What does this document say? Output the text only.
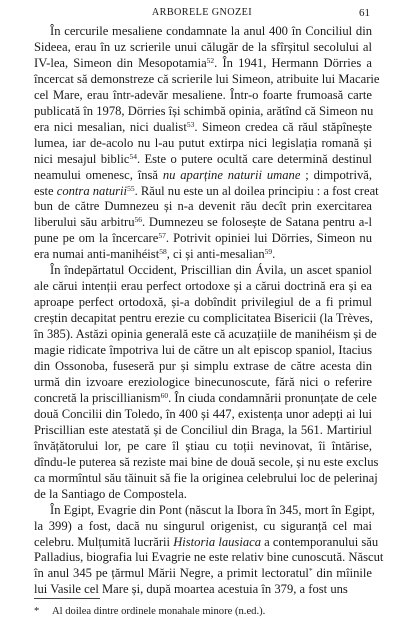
ARBORELE GNOZEI	61

În cercurile mesaliene condamnate la anul 400 în Conciliul din
Sideea, erau în uz scrierile unui călugăr de la sfîrșitul secolului al
IV-lea, Simeon din Mesopotamia$^{52}$. În 1941, Hermann Dörries a
încercat să demonstreze că scrierile lui Simeon, atribuite lui Macarie
cel Mare, erau într-adevăr mesaliene. Într-o foarte frumoasă carte
publicată în 1978, Dörries își schimbă opinia, arătînd că Simeon nu
era nici mesalian, nici dualist$^{53}$. Simeon credea că răul stăpînește
lumea, iar de-acolo nu l-au putut extirpa nici legislația romană și
nici mesajul biblic$^{54}$. Este o putere ocultă care determină destinul
neamului omenesc, însă nu aparține naturii umane ; dimpotrivă,
este contra naturii$^{55}$. Răul nu este un al doilea principiu : a fost creat
bun de către Dumnezeu și n-a devenit rău decît prin exercitarea
liberului său arbitru$^{56}$. Dumnezeu se folosește de Satana pentru a-l
pune pe om la încercare$^{57}$. Potrivit opiniei lui Dörries, Simeon nu
era numai anti-manihéist$^{58}$, ci și anti-mesalian$^{59}$.

În îndepărtatul Occident, Priscillian din Ávila, un ascet spaniol
ale cărui intenții erau perfect ortodoxe și a cărui doctrină era și ea
aproape perfect ortodoxă, și-a dobîndit privilegiul de a fi primul
creștin decapitat pentru erezie cu complicitatea Bisericii (la Trèves,
în 385). Astăzi opinia generală este că acuzațiile de manihéism și de
magie ridicate împotriva lui de către un alt episcop spaniol, Itacius
din Ossonoba, fuseseră pur și simplu extrase de către acesta din
urmă din izvoare ereziologice binecunoscute, fără nici o referire
concretă la priscillianism$^{60}$. În ciuda condamnării pronunțate de cele
două Concilii din Toledo, în 400 și 447, existența unor adepți ai lui
Priscillian este atestată și de Conciliul din Braga, la 561. Martiriul
învățătorului lor, pe care îl știau cu toții nevinovat, îi întărise,
dîndu-le puterea să reziste mai bine de două secole, și nu este exclus
ca mormîntul său tăinuit să fie la originea celebrului loc de pelerinaj
de la Santiago de Compostela.

În Egipt, Evagrie din Pont (născut la Ibora în 345, mort în Egipt,
la 399) a fost, dacă nu singurul origenist, cu siguranță cel mai
celebru. Mulțumită lucrării Historia lausiaca a contemporanului său
Palladius, biografia lui Evagrie ne este relativ bine cunoscută. Născut
în anul 345 pe țărmul Mării Negre, a primit lectoratul* din mîinile
lui Vasile cel Mare și, după moartea acestuia în 379, a fost uns

* Al doilea dintre ordinele monahale minore (n.ed.).
